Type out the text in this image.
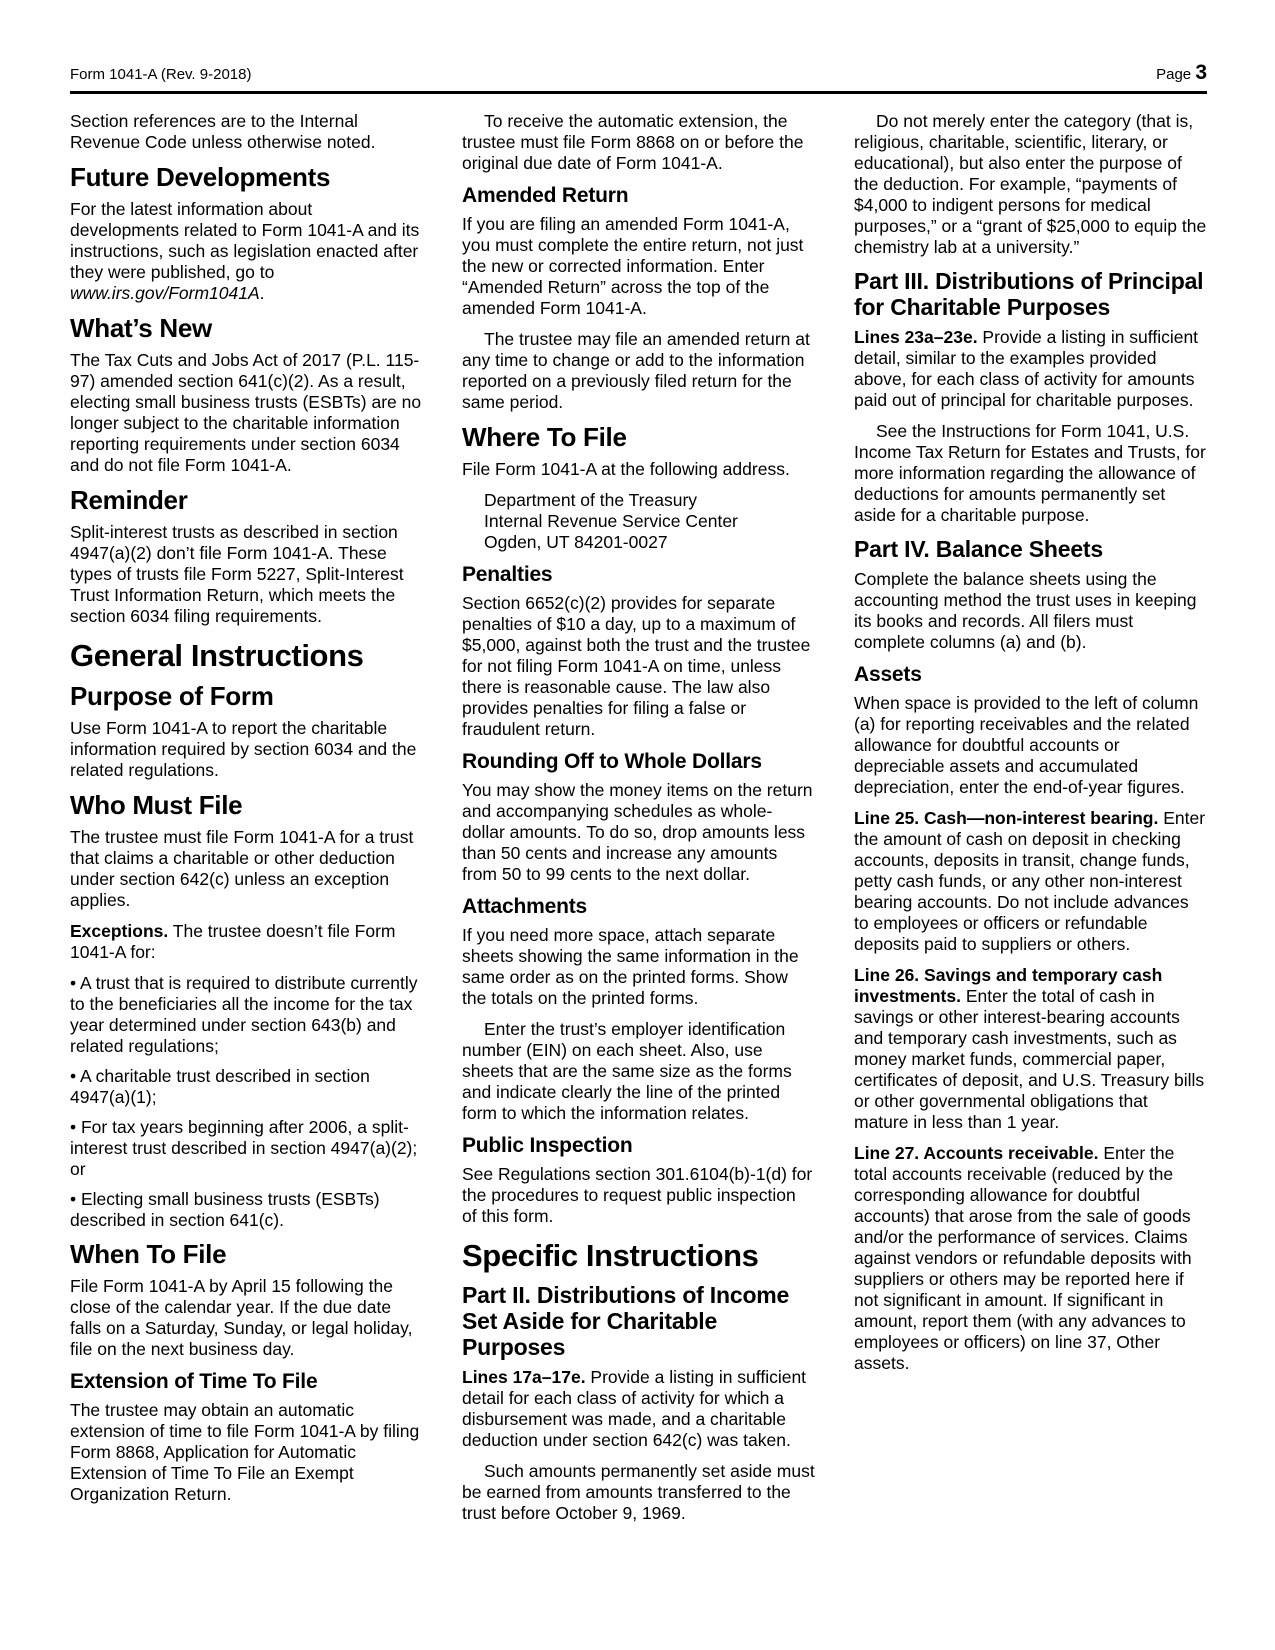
Form 1041-A (Rev. 9-2018)	Page 3

Section references are to the Internal Revenue Code unless otherwise noted.

Future Developments

For the latest information about developments related to Form 1041-A and its instructions, such as legislation enacted after they were published, go to www.irs.gov/Form1041A.

What’s New

The Tax Cuts and Jobs Act of 2017 (P.L. 115-97) amended section 641(c)(2). As a result, electing small business trusts (ESBTs) are no longer subject to the charitable information reporting requirements under section 6034 and do not file Form 1041-A.

Reminder

Split-interest trusts as described in section 4947(a)(2) don’t file Form 1041-A. These types of trusts file Form 5227, Split-Interest Trust Information Return, which meets the section 6034 filing requirements.

General Instructions
Purpose of Form

Use Form 1041-A to report the charitable information required by section 6034 and the related regulations.

Who Must File

The trustee must file Form 1041-A for a trust that claims a charitable or other deduction under section 642(c) unless an exception applies.

Exceptions. The trustee doesn’t file Form 1041-A for:

• A trust that is required to distribute currently to the beneficiaries all the income for the tax year determined under section 643(b) and related regulations;

• A charitable trust described in section 4947(a)(1);

• For tax years beginning after 2006, a split-interest trust described in section 4947(a)(2); or

• Electing small business trusts (ESBTs) described in section 641(c).

When To File

File Form 1041-A by April 15 following the close of the calendar year. If the due date falls on a Saturday, Sunday, or legal holiday, file on the next business day.

Extension of Time To File

The trustee may obtain an automatic extension of time to file Form 1041-A by filing Form 8868, Application for Automatic Extension of Time To File an Exempt Organization Return.

To receive the automatic extension, the trustee must file Form 8868 on or before the original due date of Form 1041-A.

Amended Return

If you are filing an amended Form 1041-A, you must complete the entire return, not just the new or corrected information. Enter “Amended Return” across the top of the amended Form 1041-A.

The trustee may file an amended return at any time to change or add to the information reported on a previously filed return for the same period.

Where To File

File Form 1041-A at the following address.

Department of the Treasury
Internal Revenue Service Center
Ogden, UT 84201-0027

Penalties

Section 6652(c)(2) provides for separate penalties of $10 a day, up to a maximum of $5,000, against both the trust and the trustee for not filing Form 1041-A on time, unless there is reasonable cause. The law also provides penalties for filing a false or fraudulent return.

Rounding Off to Whole Dollars

You may show the money items on the return and accompanying schedules as whole-dollar amounts. To do so, drop amounts less than 50 cents and increase any amounts from 50 to 99 cents to the next dollar.

Attachments

If you need more space, attach separate sheets showing the same information in the same order as on the printed forms. Show the totals on the printed forms.

Enter the trust’s employer identification number (EIN) on each sheet. Also, use sheets that are the same size as the forms and indicate clearly the line of the printed form to which the information relates.

Public Inspection

See Regulations section 301.6104(b)-1(d) for the procedures to request public inspection of this form.

Specific Instructions
Part II. Distributions of Income Set Aside for Charitable Purposes

Lines 17a–17e. Provide a listing in sufficient detail for each class of activity for which a disbursement was made, and a charitable deduction under section 642(c) was taken.

Such amounts permanently set aside must be earned from amounts transferred to the trust before October 9, 1969.

Do not merely enter the category (that is, religious, charitable, scientific, literary, or educational), but also enter the purpose of the deduction. For example, “payments of $4,000 to indigent persons for medical purposes,” or a “grant of $25,000 to equip the chemistry lab at a university.”

Part III. Distributions of Principal for Charitable Purposes

Lines 23a–23e. Provide a listing in sufficient detail, similar to the examples provided above, for each class of activity for amounts paid out of principal for charitable purposes.

See the Instructions for Form 1041, U.S. Income Tax Return for Estates and Trusts, for more information regarding the allowance of deductions for amounts permanently set aside for a charitable purpose.

Part IV. Balance Sheets

Complete the balance sheets using the accounting method the trust uses in keeping its books and records. All filers must complete columns (a) and (b).

Assets

When space is provided to the left of column (a) for reporting receivables and the related allowance for doubtful accounts or depreciable assets and accumulated depreciation, enter the end-of-year figures.

Line 25. Cash—non-interest bearing. Enter the amount of cash on deposit in checking accounts, deposits in transit, change funds, petty cash funds, or any other non-interest bearing accounts. Do not include advances to employees or officers or refundable deposits paid to suppliers or others.

Line 26. Savings and temporary cash investments. Enter the total of cash in savings or other interest-bearing accounts and temporary cash investments, such as money market funds, commercial paper, certificates of deposit, and U.S. Treasury bills or other governmental obligations that mature in less than 1 year.

Line 27. Accounts receivable. Enter the total accounts receivable (reduced by the corresponding allowance for doubtful accounts) that arose from the sale of goods and/or the performance of services. Claims against vendors or refundable deposits with suppliers or others may be reported here if not significant in amount. If significant in amount, report them (with any advances to employees or officers) on line 37, Other assets.
